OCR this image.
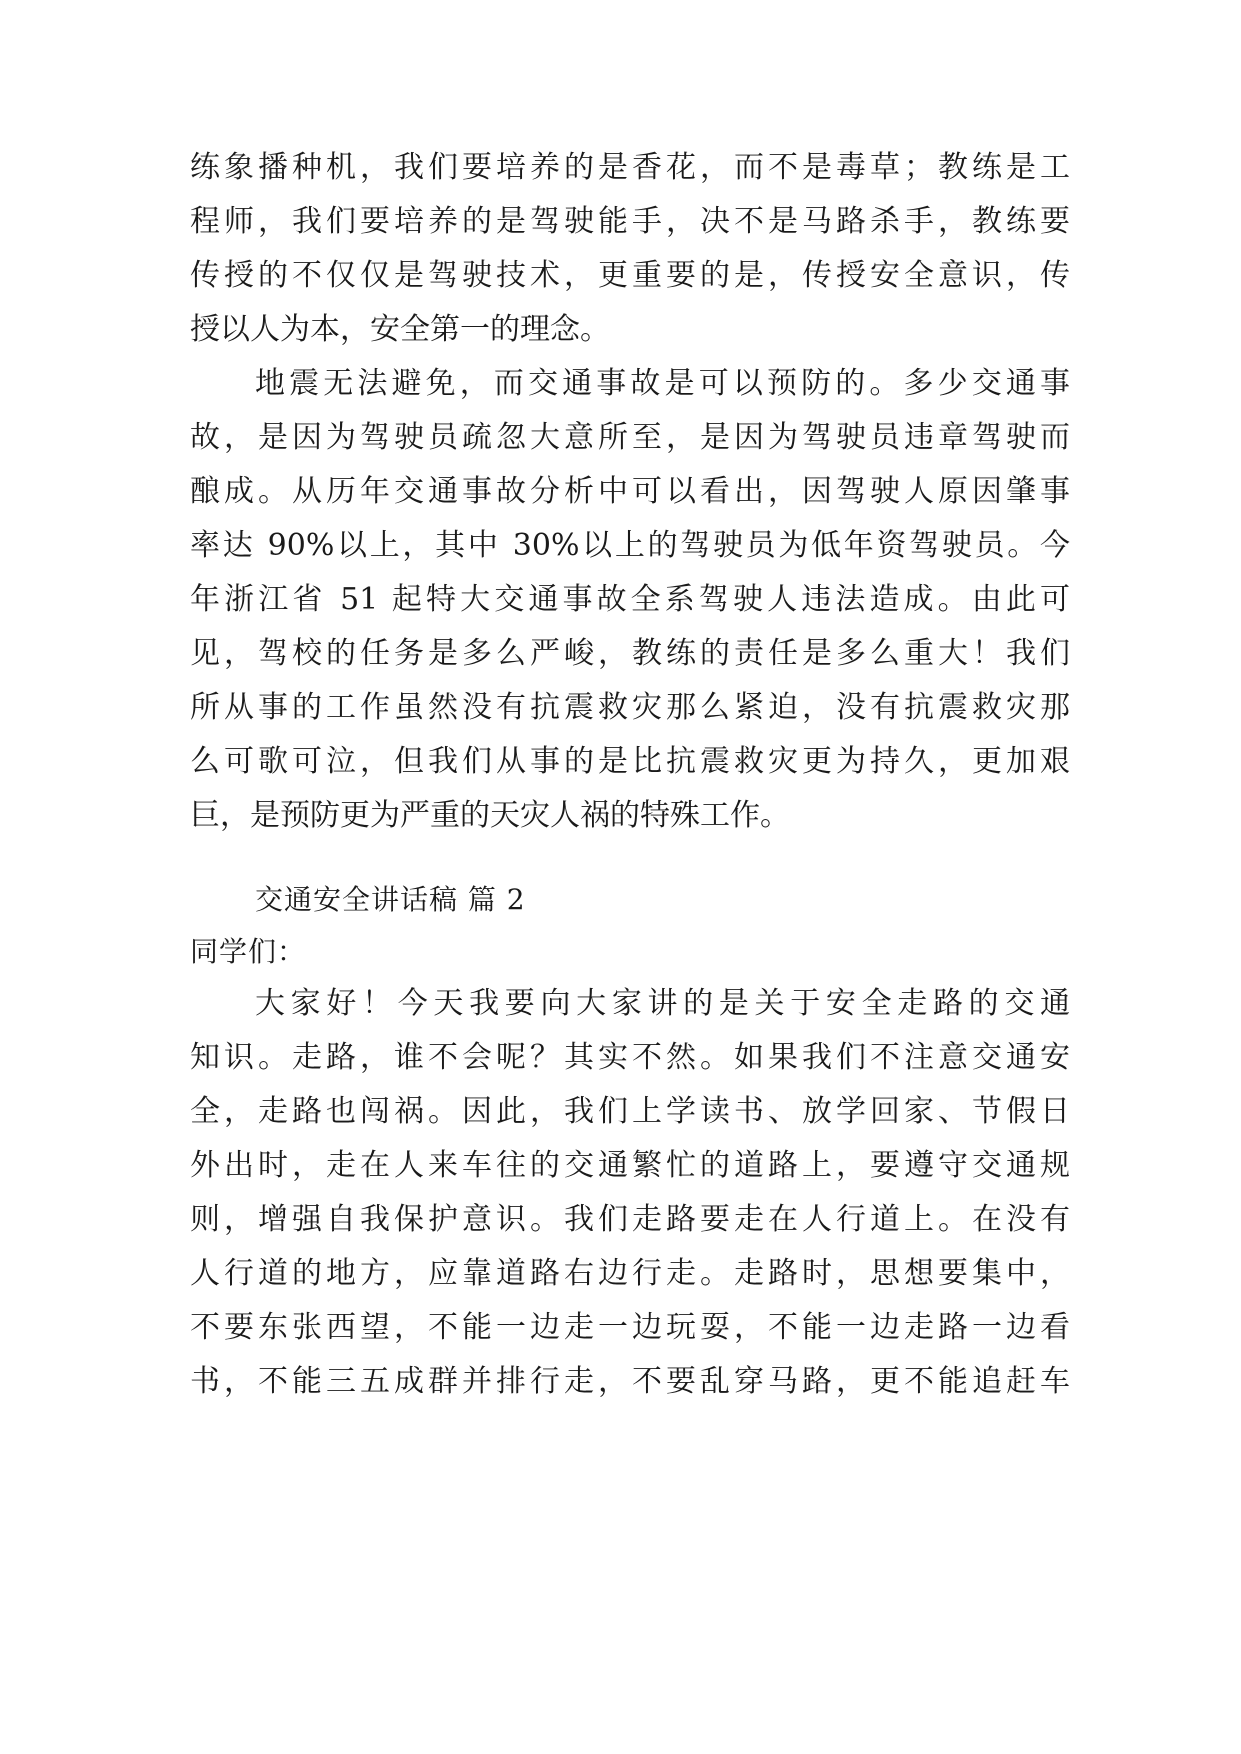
练象播种机，我们要培养的是香花，而不是毒草；教练是工
程师，我们要培养的是驾驶能手，决不是马路杀手，教练要
传授的不仅仅是驾驶技术，更重要的是，传授安全意识，传
授以人为本，安全第一的理念。
地震无法避免，而交通事故是可以预防的。多少交通事
故，是因为驾驶员疏忽大意所至，是因为驾驶员违章驾驶而
酿成。从历年交通事故分析中可以看出，因驾驶人原因肇事
率达 90%以上，其中 30%以上的驾驶员为低年资驾驶员。今
年浙江省 51 起特大交通事故全系驾驶人违法造成。由此可
见，驾校的任务是多么严峻，教练的责任是多么重大！我们
所从事的工作虽然没有抗震救灾那么紧迫，没有抗震救灾那
么可歌可泣，但我们从事的是比抗震救灾更为持久，更加艰
巨，是预防更为严重的天灾人祸的特殊工作。
交通安全讲话稿 篇 2
同学们：
大家好！今天我要向大家讲的是关于安全走路的交通
知识。走路，谁不会呢？其实不然。如果我们不注意交通安
全，走路也闯祸。因此，我们上学读书、放学回家、节假日
外出时，走在人来车往的交通繁忙的道路上，要遵守交通规
则，增强自我保护意识。我们走路要走在人行道上。在没有
人行道的地方，应靠道路右边行走。走路时，思想要集中，
不要东张西望，不能一边走一边玩耍，不能一边走路一边看
书，不能三五成群并排行走，不要乱穿马路，更不能追赶车
